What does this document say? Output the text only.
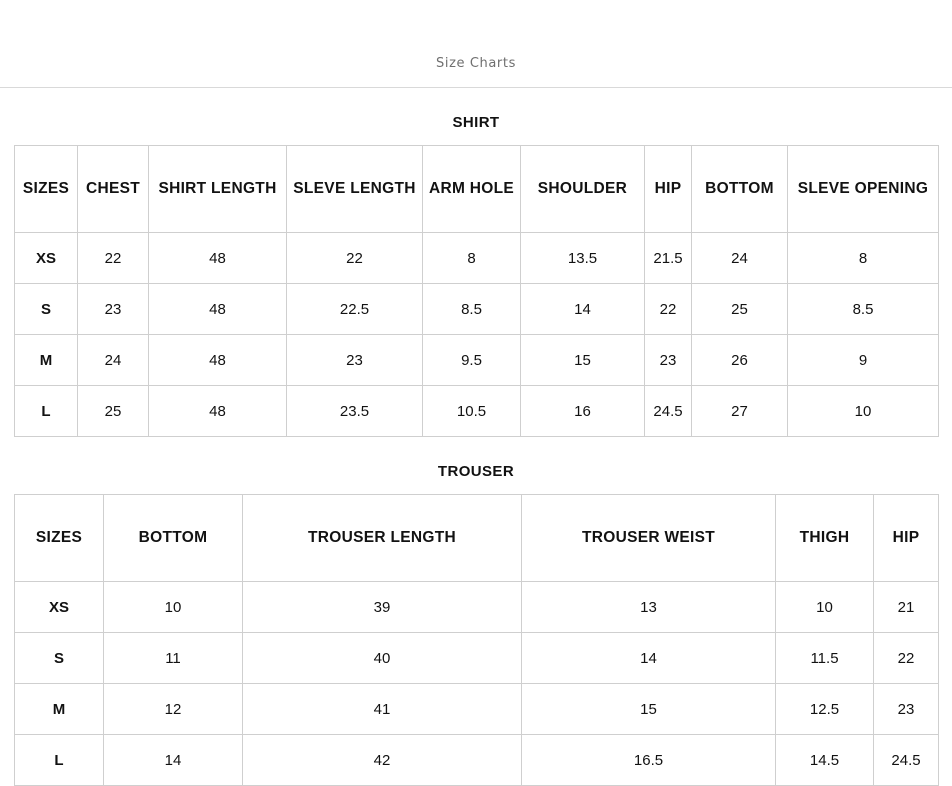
Size Charts
SHIRT
SIZES	CHEST	SHIRT LENGTH	SLEVE LENGTH	ARM HOLE	SHOULDER	HIP	BOTTOM	SLEVE OPENING
XS	22	48	22	8	13.5	21.5	24	8
S	23	48	22.5	8.5	14	22	25	8.5
M	24	48	23	9.5	15	23	26	9
L	25	48	23.5	10.5	16	24.5	27	10
TROUSER
SIZES	BOTTOM	TROUSER LENGTH	TROUSER WEIST	THIGH	HIP
XS	10	39	13	10	21
S	11	40	14	11.5	22
M	12	41	15	12.5	23
L	14	42	16.5	14.5	24.5
